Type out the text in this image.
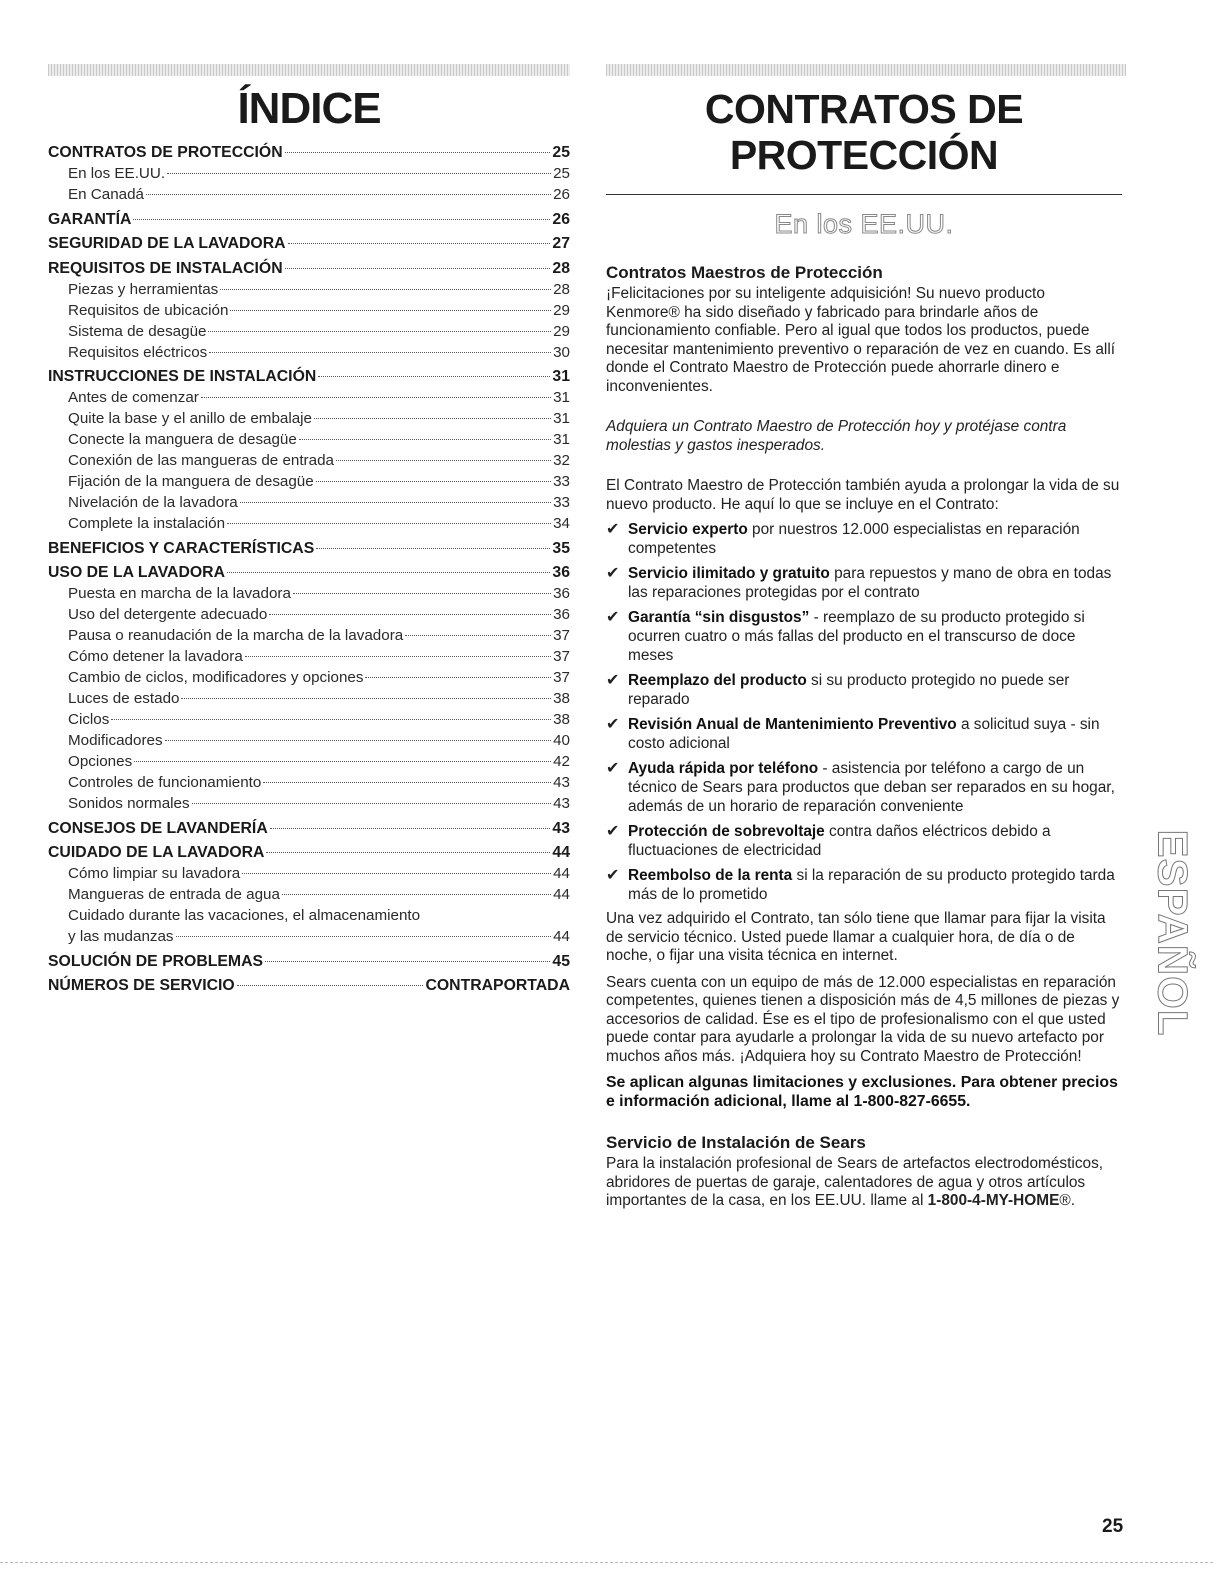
ÍNDICE
CONTRATOS DE PROTECCIÓN	25
En los EE.UU.	25
En Canadá	26
GARANTÍA	26
SEGURIDAD DE LA LAVADORA	27
REQUISITOS DE INSTALACIÓN	28
Piezas y herramientas	28
Requisitos de ubicación	29
Sistema de desagüe	29
Requisitos eléctricos	30
INSTRUCCIONES DE INSTALACIÓN	31
Antes de comenzar	31
Quite la base y el anillo de embalaje	31
Conecte la manguera de desagüe	31
Conexión de las mangueras de entrada	32
Fijación de la manguera de desagüe	33
Nivelación de la lavadora	33
Complete la instalación	34
BENEFICIOS Y CARACTERÍSTICAS	35
USO DE LA LAVADORA	36
Puesta en marcha de la lavadora	36
Uso del detergente adecuado	36
Pausa o reanudación de la marcha de la lavadora	37
Cómo detener la lavadora	37
Cambio de ciclos, modificadores y opciones	37
Luces de estado	38
Ciclos	38
Modificadores	40
Opciones	42
Controles de funcionamiento	43
Sonidos normales	43
CONSEJOS DE LAVANDERÍA	43
CUIDADO DE LA LAVADORA	44
Cómo limpiar su lavadora	44
Mangueras de entrada de agua	44
Cuidado durante las vacaciones, el almacenamiento
y las mudanzas	44
SOLUCIÓN DE PROBLEMAS	45
NÚMEROS DE SERVICIO	CONTRAPORTADA
CONTRATOS DE
PROTECCIÓN
En los EE.UU.
Contratos Maestros de Protección

¡Felicitaciones por su inteligente adquisición! Su nuevo producto Kenmore® ha sido diseñado y fabricado para brindarle años de funcionamiento confiable. Pero al igual que todos los productos, puede necesitar mantenimiento preventivo o reparación de vez en cuando. Es allí donde el Contrato Maestro de Protección puede ahorrarle dinero e inconvenientes.

Adquiera un Contrato Maestro de Protección hoy y protéjase contra molestias y gastos inesperados.

El Contrato Maestro de Protección también ayuda a prolongar la vida de su nuevo producto. He aquí lo que se incluye en el Contrato:

✔ Servicio experto por nuestros 12.000 especialistas en reparación competentes
✔ Servicio ilimitado y gratuito para repuestos y mano de obra en todas las reparaciones protegidas por el contrato
✔ Garantía “sin disgustos” - reemplazo de su producto protegido si ocurren cuatro o más fallas del producto en el transcurso de doce meses
✔ Reemplazo del producto si su producto protegido no puede ser reparado
✔ Revisión Anual de Mantenimiento Preventivo a solicitud suya - sin costo adicional
✔ Ayuda rápida por teléfono - asistencia por teléfono a cargo de un técnico de Sears para productos que deban ser reparados en su hogar, además de un horario de reparación conveniente
✔ Protección de sobrevoltaje contra daños eléctricos debido a fluctuaciones de electricidad
✔ Reembolso de la renta si la reparación de su producto protegido tarda más de lo prometido

Una vez adquirido el Contrato, tan sólo tiene que llamar para fijar la visita de servicio técnico. Usted puede llamar a cualquier hora, de día o de noche, o fijar una visita técnica en internet.

Sears cuenta con un equipo de más de 12.000 especialistas en reparación competentes, quienes tienen a disposición más de 4,5 millones de piezas y accesorios de calidad. Ése es el tipo de profesionalismo con el que usted puede contar para ayudarle a prolongar la vida de su nuevo artefacto por muchos años más. ¡Adquiera hoy su Contrato Maestro de Protección!

Se aplican algunas limitaciones y exclusiones. Para obtener precios e información adicional, llame al 1-800-827-6655.

Servicio de Instalación de Sears

Para la instalación profesional de Sears de artefactos electrodomésticos, abridores de puertas de garaje, calentadores de agua y otros artículos importantes de la casa, en los EE.UU. llame al 1-800-4-MY-HOME®.

ESPAÑOL
25
